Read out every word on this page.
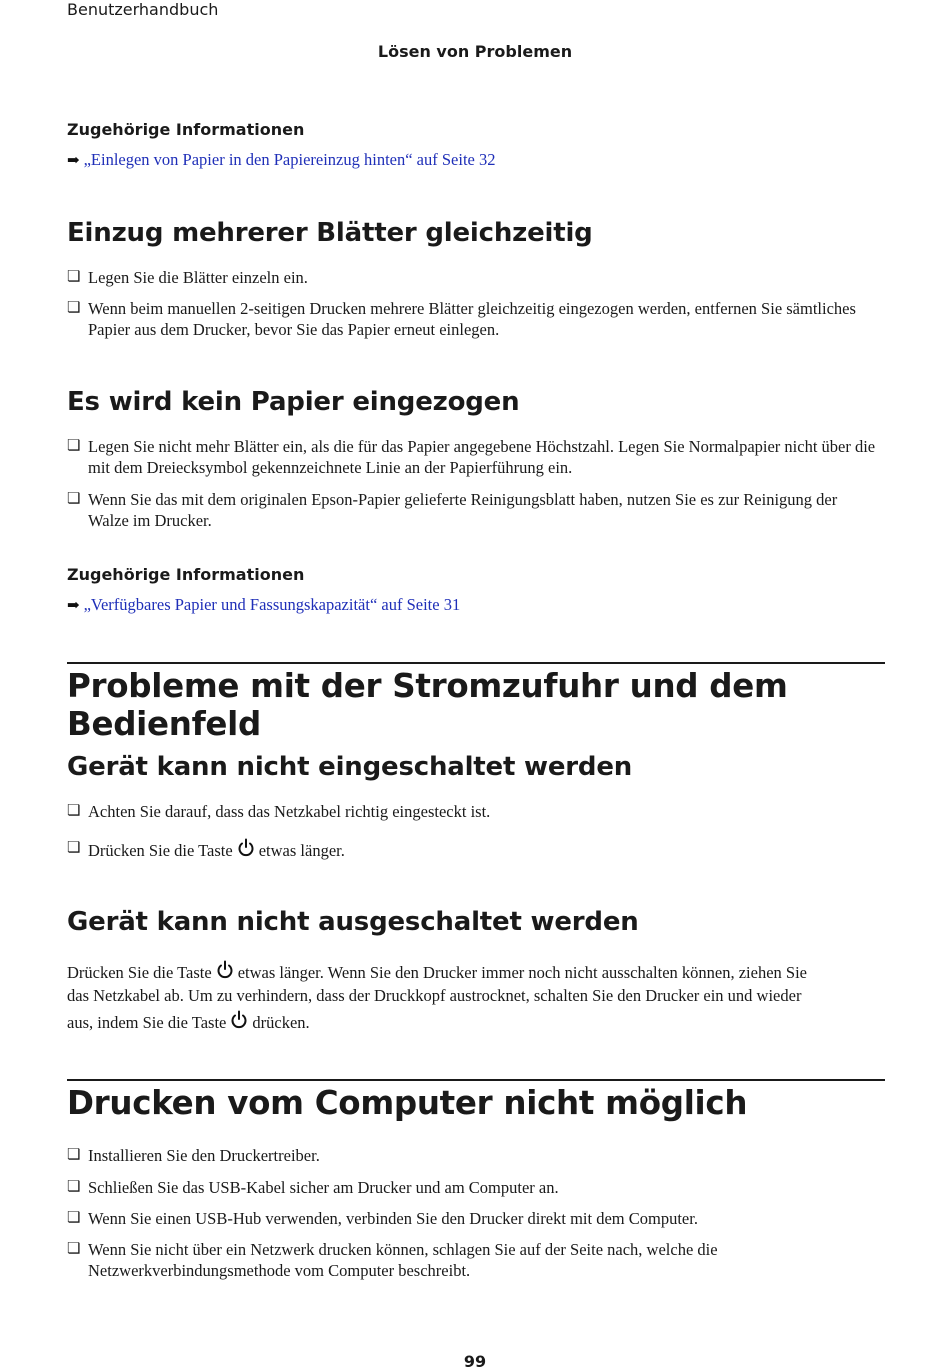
Benutzerhandbuch
Lösen von Problemen
Zugehörige Informationen
➡ „Einlegen von Papier in den Papiereinzug hinten“ auf Seite 32
Einzug mehrerer Blätter gleichzeitig
❏ Legen Sie die Blätter einzeln ein.
❏ Wenn beim manuellen 2-seitigen Drucken mehrere Blätter gleichzeitig eingezogen werden, entfernen Sie sämtliches Papier aus dem Drucker, bevor Sie das Papier erneut einlegen.
Es wird kein Papier eingezogen
❏ Legen Sie nicht mehr Blätter ein, als die für das Papier angegebene Höchstzahl. Legen Sie Normalpapier nicht über die mit dem Dreiecksymbol gekennzeichnete Linie an der Papierführung ein.
❏ Wenn Sie das mit dem originalen Epson-Papier gelieferte Reinigungsblatt haben, nutzen Sie es zur Reinigung der Walze im Drucker.
Zugehörige Informationen
➡ „Verfügbares Papier und Fassungskapazität“ auf Seite 31
Probleme mit der Stromzufuhr und dem Bedienfeld
Gerät kann nicht eingeschaltet werden
❏ Achten Sie darauf, dass das Netzkabel richtig eingesteckt ist.
❏ Drücken Sie die Taste etwas länger.
Gerät kann nicht ausgeschaltet werden
Drücken Sie die Taste etwas länger. Wenn Sie den Drucker immer noch nicht ausschalten können, ziehen Sie
das Netzkabel ab. Um zu verhindern, dass der Druckkopf austrocknet, schalten Sie den Drucker ein und wieder
aus, indem Sie die Taste drücken.
Drucken vom Computer nicht möglich
❏ Installieren Sie den Druckertreiber.
❏ Schließen Sie das USB-Kabel sicher am Drucker und am Computer an.
❏ Wenn Sie einen USB-Hub verwenden, verbinden Sie den Drucker direkt mit dem Computer.
❏ Wenn Sie nicht über ein Netzwerk drucken können, schlagen Sie auf der Seite nach, welche die Netzwerkverbindungsmethode vom Computer beschreibt.
99
